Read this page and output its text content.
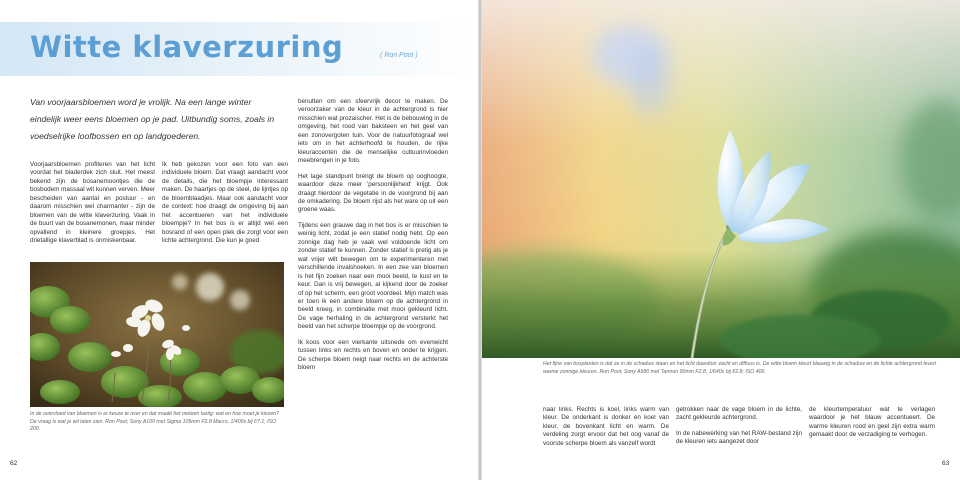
Witte klaverzuring	( Ron Poot )
Van voorjaarsbloemen word je vrolijk. Na een lange winter eindelijk weer eens bloemen op je pad. Uitbundig soms, zoals in voedselrijke loofbossen en op landgoederen.

Voorjaarsbloemen profiteren van het licht voordat het bladerdek zich sluit. Het meest bekend zijn de bosanemoontjes die de bosbodem massaal wit kunnen verven. Meer bescheiden van aantal en postuur - en daarom misschien wel charmanter - zijn de bloemen van de witte klaverzuring. Vaak in de buurt van de bosanemonen, maar minder opvallend in kleinere groepjes. Het drietallige klaverblad is onmiskenbaar.

Ik heb gekozen voor een foto van een individuele bloem. Dat vraagt aandacht voor de details, die het bloempje interessant maken. De haartjes op de steel, de lijntjes op de bloemblaadjes. Maar ook aandacht voor de context: hoe draagt de omgeving bij aan het accentueren van het individuele bloempje? In het bos is er altijd wel een bosrand of een open plek die zorgt voor een lichte achtergrond. Die kun je goed

benutten om een sfeervrijk decor te maken. De veroorzaker van de kleur in de achtergrond is hier misschien wat prozaischer. Het is de bebouwing in de omgeving, het rood van baksteen en het geel van een zonovergoten tuin. Voor de natuurfotograaf wel iets om in het achterhoofd te houden, de rijke kleuraccenten die de menselijke cultuurinvloeden meebrengen in je foto.

Het lage standpunt brengt de bloem op ooghoogte, waardoor deze meer 'persoonlijkheid' krijgt. Ook draagt hierdoor de vegetatie in de voorgrond bij aan de omkadering. De bloem rijst als het ware op uit een groene waas.

Tijdens een grauwe dag in het bos is er misschien te weinig licht, zodat je een statief nodig hebt. Op een zonnige dag heb je vaak wel voldoende licht om zonder statief te kunnen. Zonder statief is pretig als je wat vrijer wilt bewegen om te experimenteren met verschillende invalshoeken. In een zee van bloemen is het fijn zoeken naar een mooi beeld, te kust en te keur. Dan is vrij bewegen, al kijkend door de zoeker of op het scherm, een groot voordeel. Mijn match was er toen ik een andere bloem op de achtergrond in beeld kreeg, in combinatie met mooi gekleurd licht. De vage herhaling in de achtergrond versterkt het beeld van het scherpe bloempje op de voorgrond.

Ik koos voor een vierkante uitsnede om evenwicht tussen links en rechts en boven en onder te krijgen. De scherpe bloem neigt naar rechts en de achterste bloem

In de overvloed van bloemen is er keuze te over en dat maakt het meteen lastig: wat en hoe moet je kiezen? De vraag is wat je wil laten zien. Ron Poot; Sony A100 met Sigma 105mm F2.8 Macro, 1/400s bij f/7.1; ISO 200.
62	63
Het fijne van bosplanten is dat ze in de schaduw staan en het licht daardoor zacht en diffuus is. De witte bloem kleurt blauwig in de schaduw en de lichte achtergrond levert warme zonnige kleuren. Ron Poot; Sony A580 met Tamron 90mm F2.8; 1/640s bij f/2.8; ISO 400.

naar links. Rechts is koel, links warm van kleur. De onderkant is donker en koel van kleur, de bovenkant licht en warm. De verdeling zorgt ervoor dat het oog vanaf de voorste scherpe bloem als vanzelf wordt

getrokken naar de vage bloem in de lichte, zacht gekleurde achtergrond.

In de nabewerking van het RAW-bestand zijn de kleuren iets aangezet door

de kleurtemperatuur wat te verlagen waardoor je het blauw accentueert. De warme kleuren rood en geel zijn extra warm gemaakt door de verzadiging te verhogen.
